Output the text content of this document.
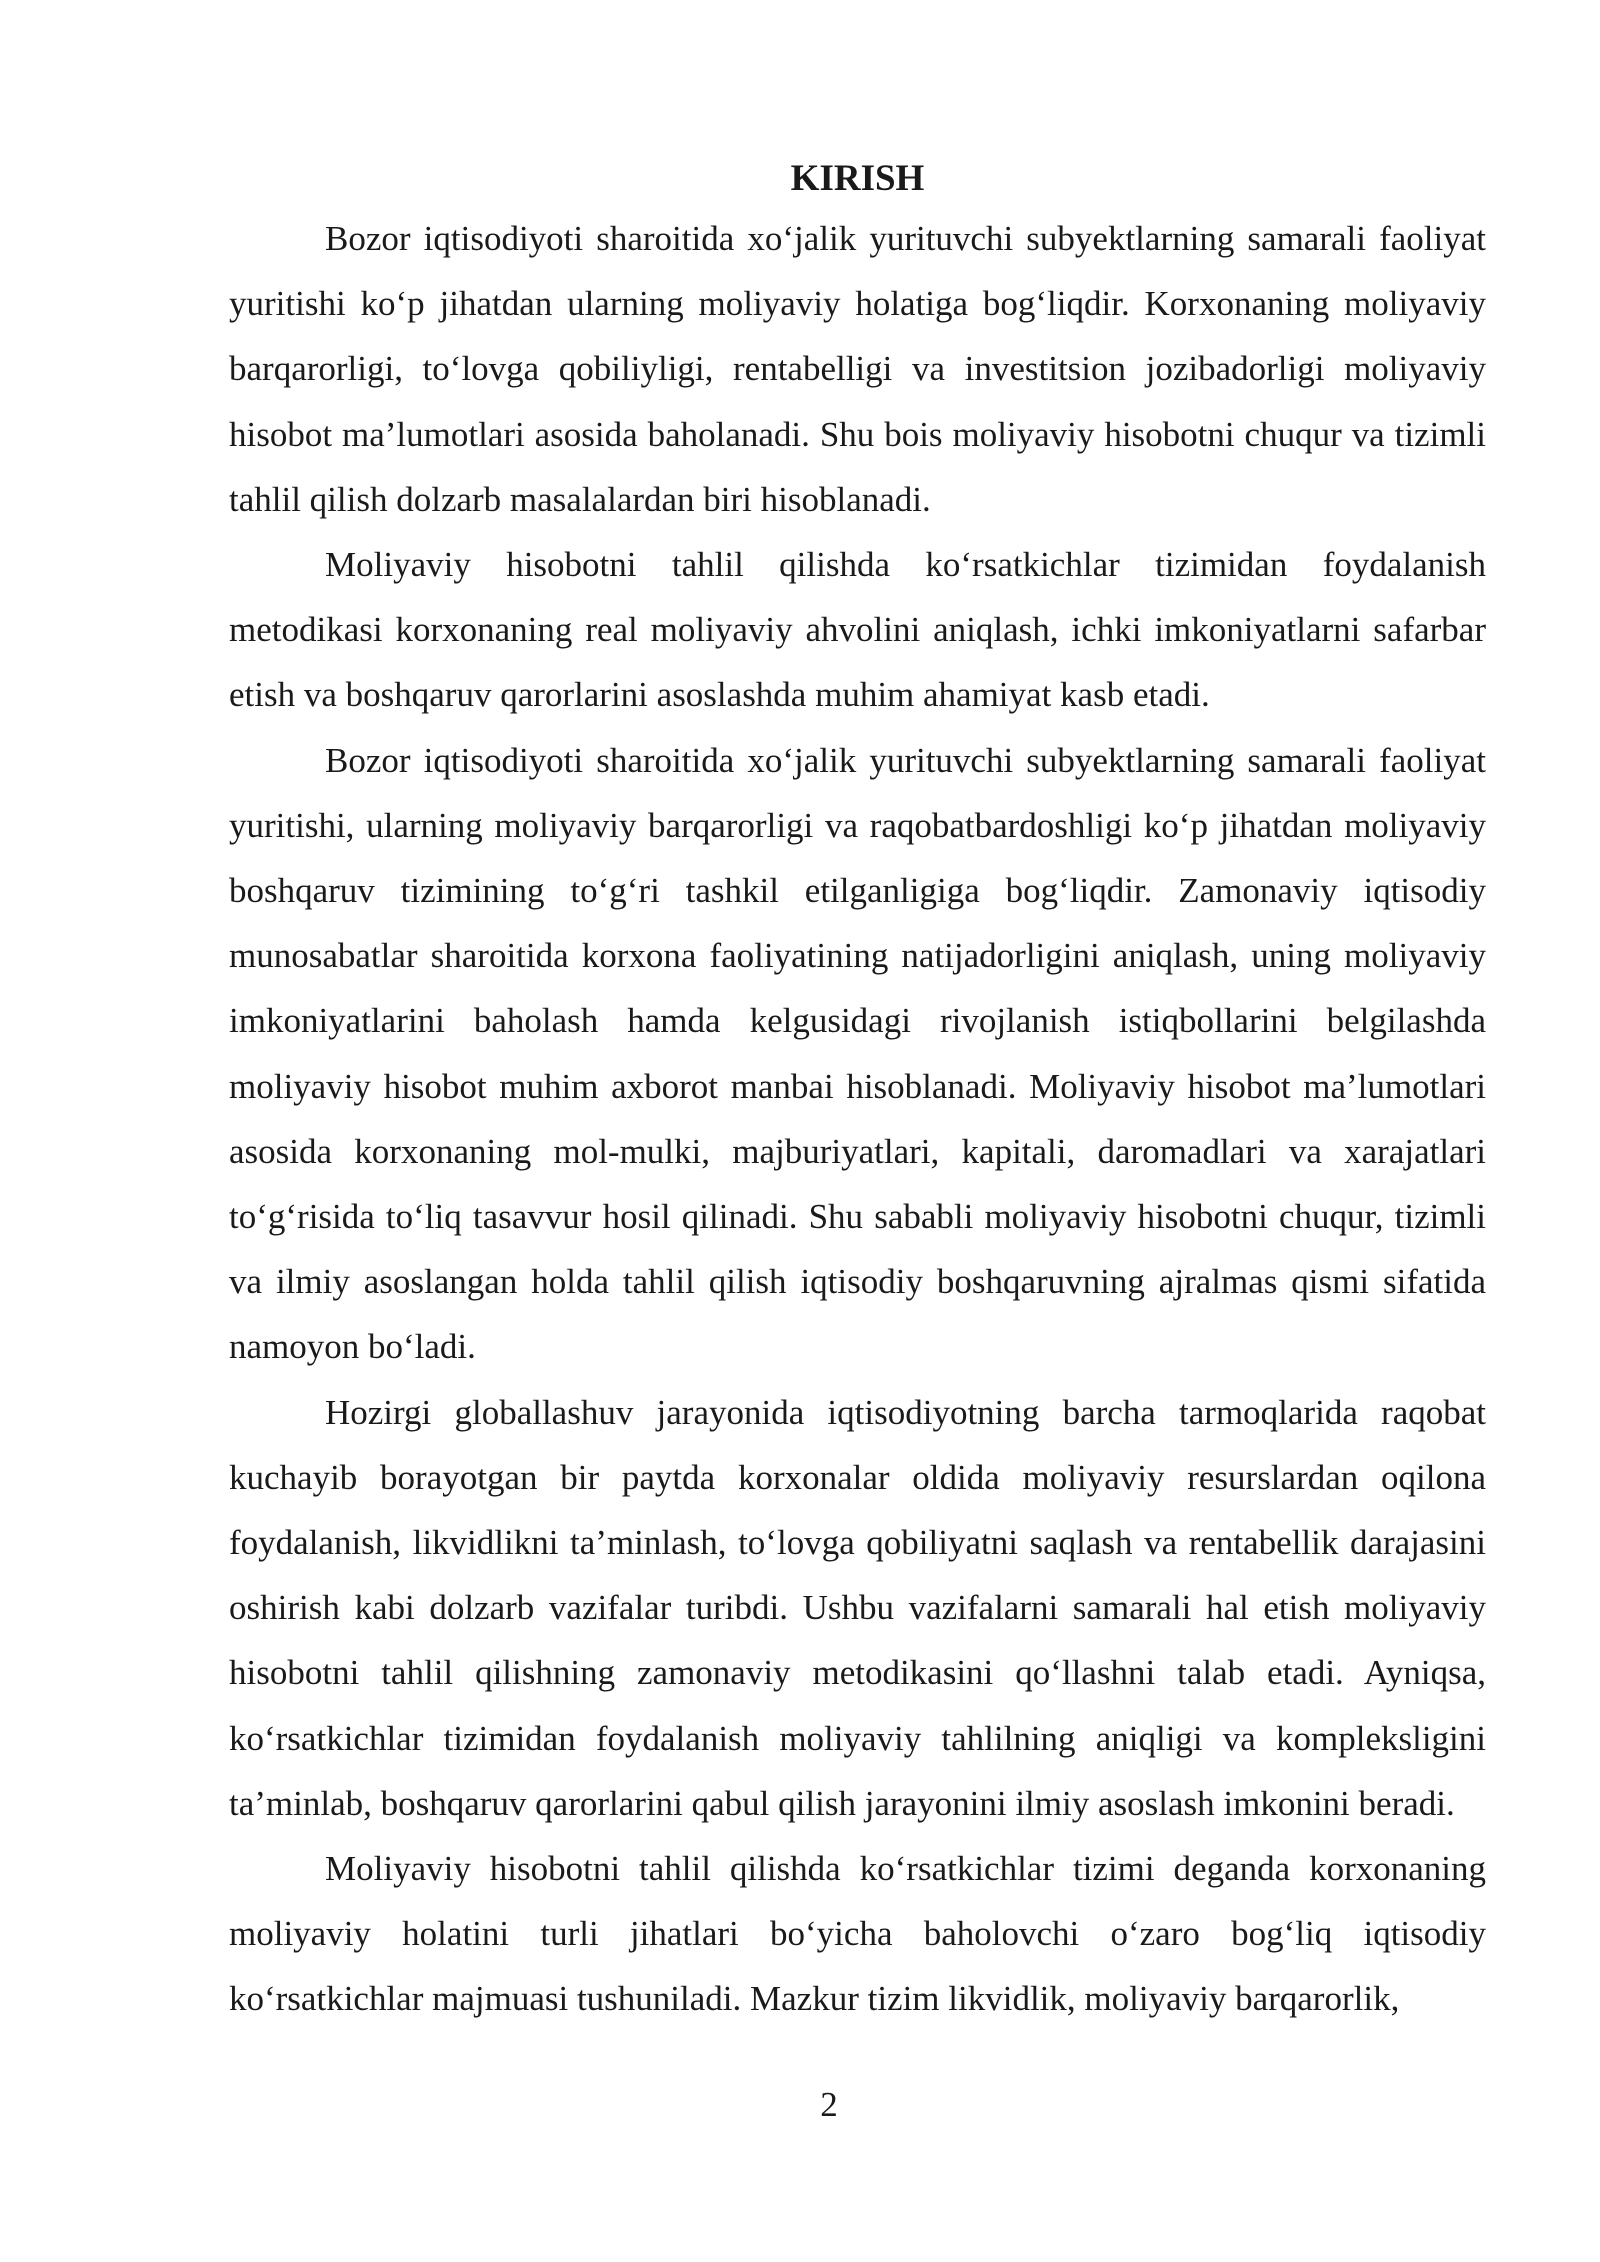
KIRISH

Bozor iqtisodiyoti sharoitida xo‘jalik yurituvchi subyektlarning samarali faoliyat yuritishi ko‘p jihatdan ularning moliyaviy holatiga bog‘liqdir. Korxonaning moliyaviy barqarorligi, to‘lovga qobiliyligi, rentabelligi va investitsion jozibadorligi moliyaviy hisobot ma’lumotlari asosida baholanadi. Shu bois moliyaviy hisobotni chuqur va tizimli tahlil qilish dolzarb masalalardan biri hisoblanadi.

Moliyaviy hisobotni tahlil qilishda ko‘rsatkichlar tizimidan foydalanish metodikasi korxonaning real moliyaviy ahvolini aniqlash, ichki imkoniyatlarni safarbar etish va boshqaruv qarorlarini asoslashda muhim ahamiyat kasb etadi.

Bozor iqtisodiyoti sharoitida xo‘jalik yurituvchi subyektlarning samarali faoliyat yuritishi, ularning moliyaviy barqarorligi va raqobatbardoshligi ko‘p jihatdan moliyaviy boshqaruv tizimining to‘g‘ri tashkil etilganligiga bog‘liqdir. Zamonaviy iqtisodiy munosabatlar sharoitida korxona faoliyatining natijadorligini aniqlash, uning moliyaviy imkoniyatlarini baholash hamda kelgusidagi rivojlanish istiqbollarini belgilashda moliyaviy hisobot muhim axborot manbai hisoblanadi. Moliyaviy hisobot ma’lumotlari asosida korxonaning mol-mulki, majburiyatlari, kapitali, daromadlari va xarajatlari to‘g‘risida to‘liq tasavvur hosil qilinadi. Shu sababli moliyaviy hisobotni chuqur, tizimli va ilmiy asoslangan holda tahlil qilish iqtisodiy boshqaruvning ajralmas qismi sifatida namoyon bo‘ladi.

Hozirgi globallashuv jarayonida iqtisodiyotning barcha tarmoqlarida raqobat kuchayib borayotgan bir paytda korxonalar oldida moliyaviy resurslardan oqilona foydalanish, likvidlikni ta’minlash, to‘lovga qobiliyatni saqlash va rentabellik darajasini oshirish kabi dolzarb vazifalar turibdi. Ushbu vazifalarni samarali hal etish moliyaviy hisobotni tahlil qilishning zamonaviy metodikasini qo‘llashni talab etadi. Ayniqsa, ko‘rsatkichlar tizimidan foydalanish moliyaviy tahlilning aniqligi va kompleksligini ta’minlab, boshqaruv qarorlarini qabul qilish jarayonini ilmiy asoslash imkonini beradi.

Moliyaviy hisobotni tahlil qilishda ko‘rsatkichlar tizimi deganda korxonaning moliyaviy holatini turli jihatlari bo‘yicha baholovchi o‘zaro bog‘liq iqtisodiy ko‘rsatkichlar majmuasi tushuniladi. Mazkur tizim likvidlik, moliyaviy barqarorlik,

2
